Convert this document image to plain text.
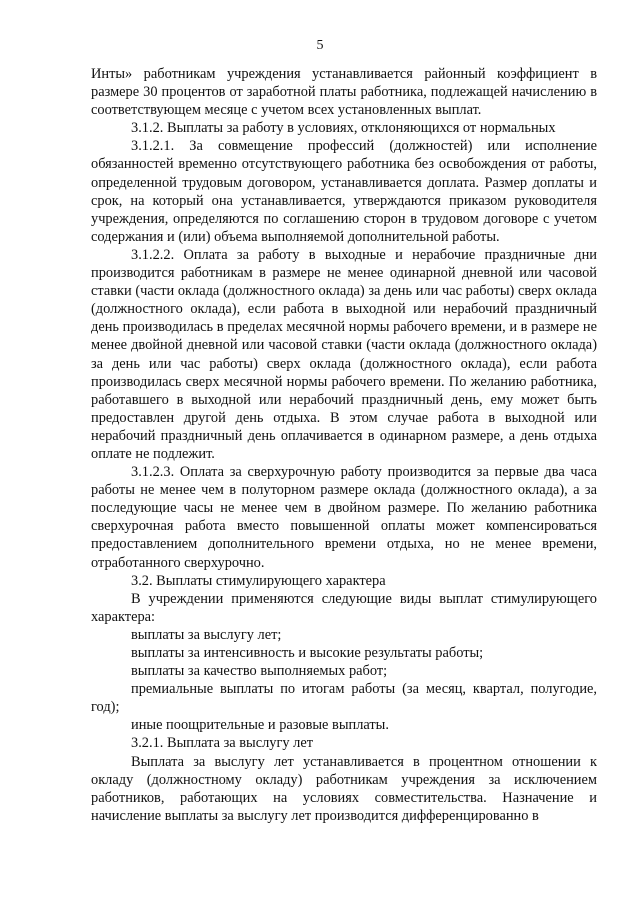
5

Инты» работникам учреждения устанавливается районный коэффициент в размере 30 процентов от заработной платы работника, подлежащей начислению в соответствующем месяце с учетом всех установленных выплат.

3.1.2. Выплаты за работу в условиях, отклоняющихся от нормальных

3.1.2.1. За совмещение профессий (должностей) или исполнение обязанностей временно отсутствующего работника без освобождения от работы, определенной трудовым договором, устанавливается доплата. Размер доплаты и срок, на который она устанавливается, утверждаются приказом руководителя учреждения, определяются по соглашению сторон в трудовом договоре с учетом содержания и (или) объема выполняемой дополнительной работы.

3.1.2.2. Оплата за работу в выходные и нерабочие праздничные дни производится работникам в размере не менее одинарной дневной или часовой ставки (части оклада (должностного оклада) за день или час работы) сверх оклада (должностного оклада), если работа в выходной или нерабочий праздничный день производилась в пределах месячной нормы рабочего времени, и в размере не менее двойной дневной или часовой ставки (части оклада (должностного оклада) за день или час работы) сверх оклада (должностного оклада), если работа производилась сверх месячной нормы рабочего времени. По желанию работника, работавшего в выходной или нерабочий праздничный день, ему может быть предоставлен другой день отдыха. В этом случае работа в выходной или нерабочий праздничный день оплачивается в одинарном размере, а день отдыха оплате не подлежит.

3.1.2.3. Оплата за сверхурочную работу производится за первые два часа работы не менее чем в полуторном размере оклада (должностного оклада), а за последующие часы не менее чем в двойном размере. По желанию работника сверхурочная работа вместо повышенной оплаты может компенсироваться предоставлением дополнительного времени отдыха, но не менее времени, отработанного сверхурочно.

3.2. Выплаты стимулирующего характера

В учреждении применяются следующие виды выплат стимулирующего характера:

выплаты за выслугу лет;

выплаты за интенсивность и высокие результаты работы;

выплаты за качество выполняемых работ;

премиальные выплаты по итогам работы (за месяц, квартал, полугодие, год);

иные поощрительные и разовые выплаты.

3.2.1. Выплата за выслугу лет

Выплата за выслугу лет устанавливается в процентном отношении к окладу (должностному окладу) работникам учреждения за исключением работников, работающих на условиях совместительства. Назначение и начисление выплаты за выслугу лет производится дифференцированно в
